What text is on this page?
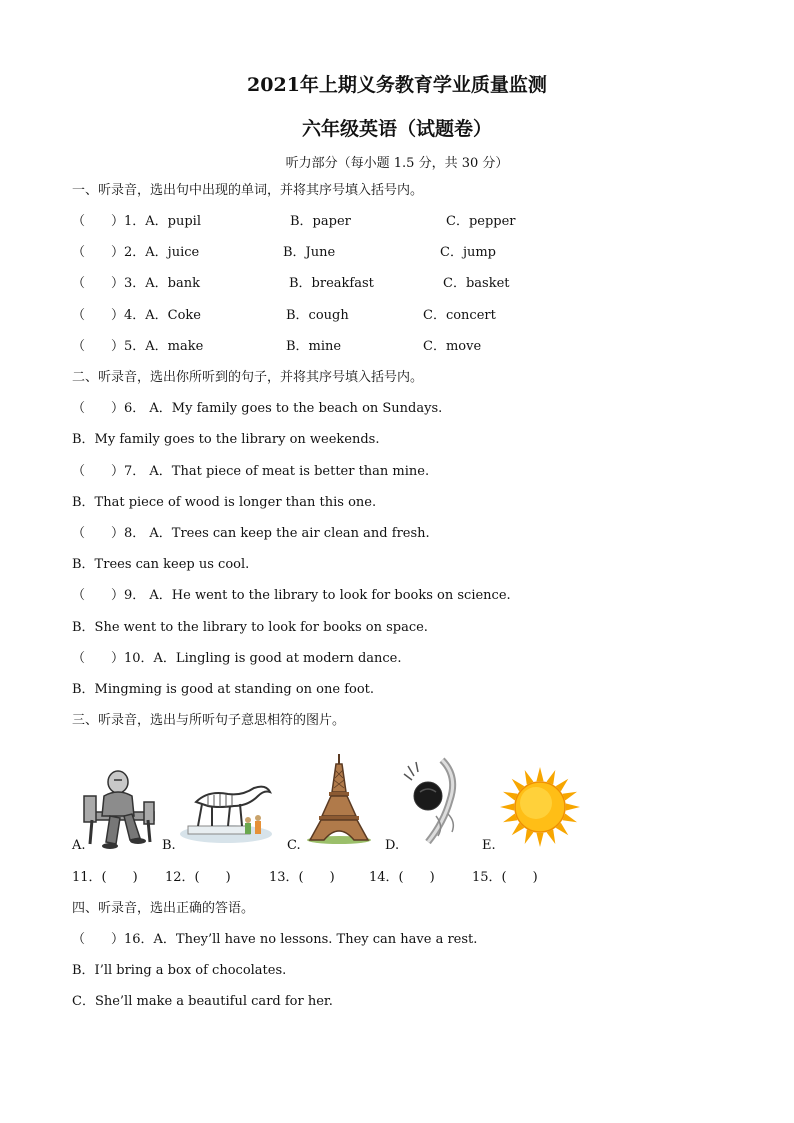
2021年上期义务教育学业质量监测
六年级英语（试题卷）
听力部分（每小题 1.5 分，共 30 分）
一、听录音，选出句中出现的单词，并将其序号填入括号内。
（　　）1．A．pupil	B．paper	C．pepper
（　　）2．A．juice	B．June	C．jump
（　　）3．A．bank	B．breakfast	C．basket
（　　）4．A．Coke	B．cough	C．concert
（　　）5．A．make	B．mine	C．move
二、听录音，选出你所听到的句子，并将其序号填入括号内。
（　　）6． A．My family goes to the beach on Sundays.
B．My family goes to the library on weekends.
（　　）7． A．That piece of meat is better than mine.
B．That piece of wood is longer than this one.
（　　）8． A．Trees can keep the air clean and fresh.
B．Trees can keep us cool.
（　　）9． A．He went to the library to look for books on science.
B．She went to the library to look for books on space.
（　　）10．A．Lingling is good at modern dance.
B．Mingming is good at standing on one foot.
三、听录音，选出与所听句子意思相符的图片。
A.	B.	C.	D.	E.
11．(　　) 12．(　　)	13．(　　)	14．(　　)	15．(　　)
四、听录音，选出正确的答语。
（　　）16．A．They’ll have no lessons. They can have a rest.
B．I’ll bring a box of chocolates.
C．She’ll make a beautiful card for her.
